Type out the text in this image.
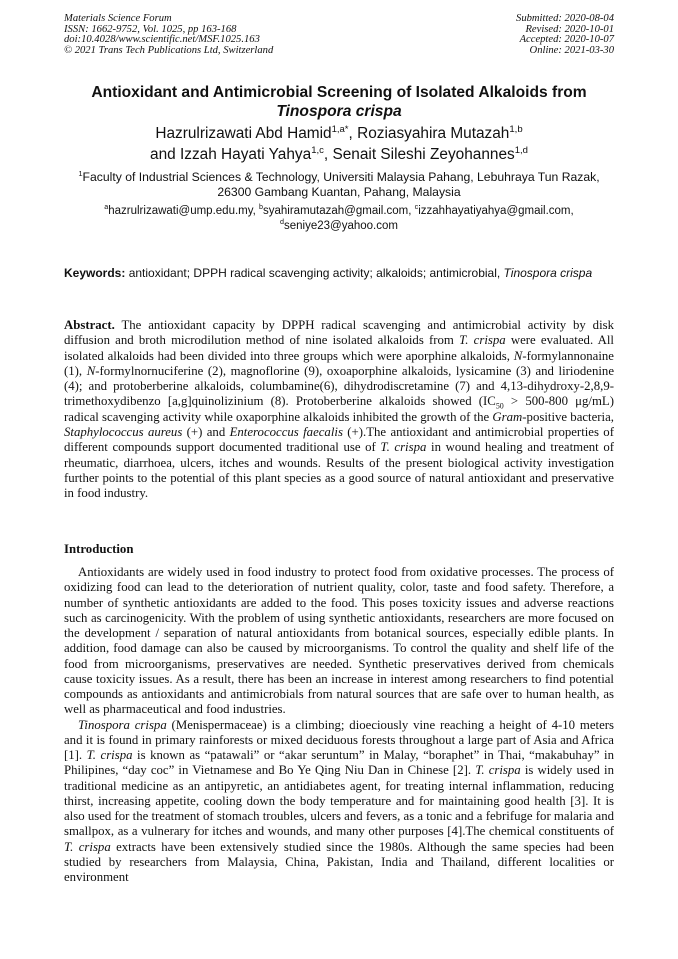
Materials Science Forum
ISSN: 1662-9752, Vol. 1025, pp 163-168
doi:10.4028/www.scientific.net/MSF.1025.163
© 2021 Trans Tech Publications Ltd, Switzerland
Submitted: 2020-08-04
Revised: 2020-10-01
Accepted: 2020-10-07
Online: 2021-03-30
Antioxidant and Antimicrobial Screening of Isolated Alkaloids from
Tinospora crispa
Hazrulrizawati Abd Hamid$^{1,a*}$, Roziasyahira Mutazah$^{1,b}$
and Izzah Hayati Yahya$^{1,c}$, Senait Sileshi Zeyohannes$^{1,d}$
$^1$Faculty of Industrial Sciences & Technology, Universiti Malaysia Pahang, Lebuhraya Tun Razak,
26300 Gambang Kuantan, Pahang, Malaysia
$^a$hazrulrizawati@ump.edu.my, $^b$syahiramutazah@gmail.com, $^c$izzahhayatiyahya@gmail.com,
$^d$seniye23@yahoo.com
Keywords: antioxidant; DPPH radical scavenging activity; alkaloids; antimicrobial, Tinospora crispa
Abstract. The antioxidant capacity by DPPH radical scavenging and antimicrobial activity by disk diffusion and broth microdilution method of nine isolated alkaloids from T. crispa were evaluated. All isolated alkaloids had been divided into three groups which were aporphine alkaloids, N-formylannonaine (1), N-formylnornuciferine (2), magnoflorine (9), oxoaporphine alkaloids, lysicamine (3) and liriodenine (4); and protoberberine alkaloids, columbamine(6), dihydrodiscretamine (7) and 4,13-dihydroxy-2,8,9-trimethoxydibenzo [a,g]quinolizinium (8). Protoberberine alkaloids showed ($IC_{50} > 500-800$ μg/mL) radical scavenging activity while oxaporphine alkaloids inhibited the growth of the Gram-positive bacteria, Staphylococcus aureus (+) and Enterococcus faecalis (+).The antioxidant and antimicrobial properties of different compounds support documented traditional use of T. crispa in wound healing and treatment of rheumatic, diarrhoea, ulcers, itches and wounds. Results of the present biological activity investigation further points to the potential of this plant species as a good source of natural antioxidant and preservative in food industry.
Introduction

Antioxidants are widely used in food industry to protect food from oxidative processes. The process of oxidizing food can lead to the deterioration of nutrient quality, color, taste and food safety. Therefore, a number of synthetic antioxidants are added to the food. This poses toxicity issues and adverse reactions such as carcinogenicity. With the problem of using synthetic antioxidants, researchers are more focused on the development / separation of natural antioxidants from botanical sources, especially edible plants. In addition, food damage can also be caused by microorganisms. To control the quality and shelf life of the food from microorganisms, preservatives are needed. Synthetic preservatives derived from chemicals cause toxicity issues. As a result, there has been an increase in interest among researchers to find potential compounds as antioxidants and antimicrobials from natural sources that are safe over to human health, as well as pharmaceutical and food industries.

Tinospora crispa (Menispermaceae) is a climbing; dioeciously vine reaching a height of 4-10 meters and it is found in primary rainforests or mixed deciduous forests throughout a large part of Asia and Africa [1]. T. crispa is known as “patawali” or “akar seruntum” in Malay, “boraphet” in Thai, “makabuhay” in Philipines, “day coc” in Vietnamese and Bo Ye Qing Niu Dan in Chinese [2]. T. crispa is widely used in traditional medicine as an antipyretic, an antidiabetes agent, for treating internal inflammation, reducing thirst, increasing appetite, cooling down the body temperature and for maintaining good health [3]. It is also used for the treatment of stomach troubles, ulcers and fevers, as a tonic and a febrifuge for malaria and smallpox, as a vulnerary for itches and wounds, and many other purposes [4].The chemical constituents of T. crispa extracts have been extensively studied since the 1980s. Although the same species had been studied by researchers from Malaysia, China, Pakistan, India and Thailand, different localities or environment
